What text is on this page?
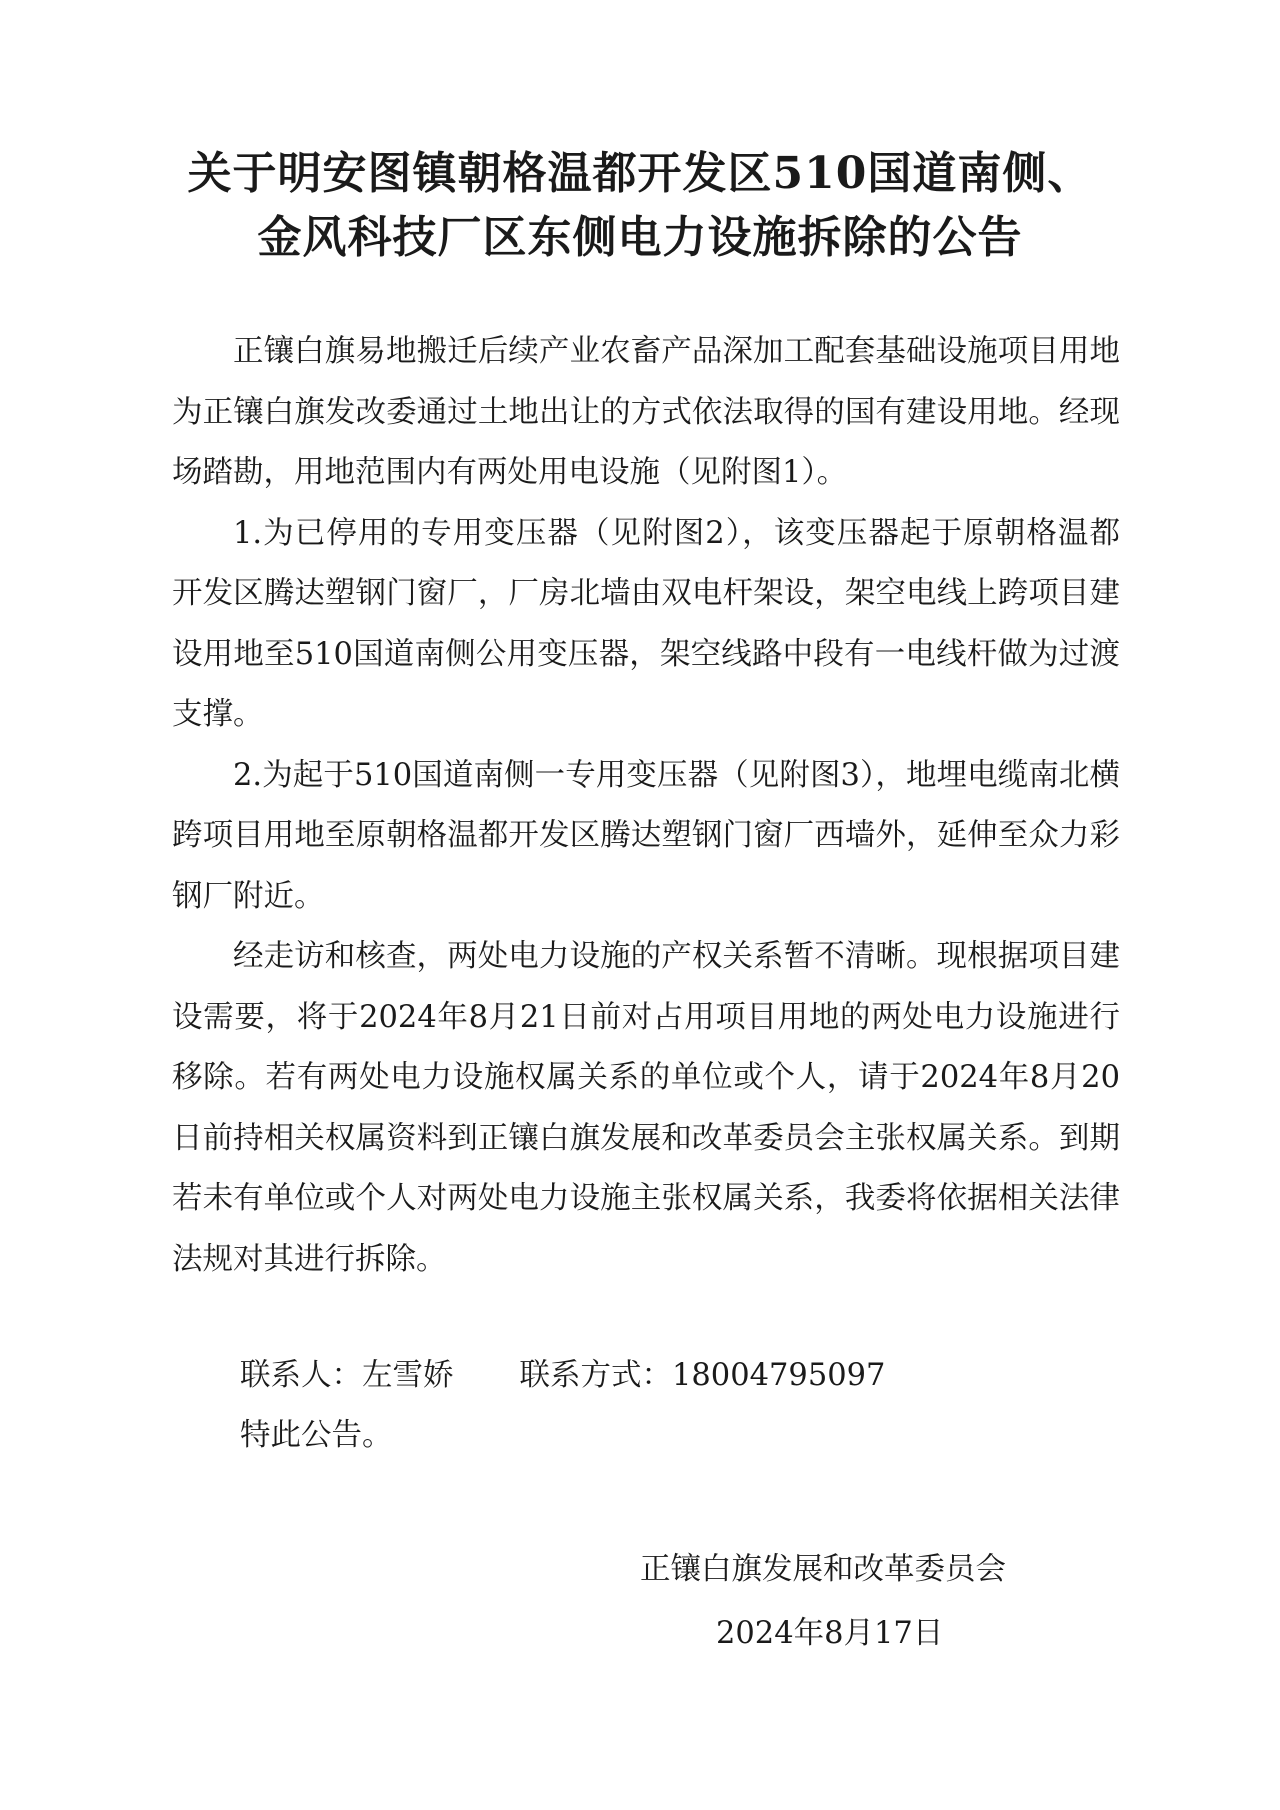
关于明安图镇朝格温都开发区510国道南侧、
金风科技厂区东侧电力设施拆除的公告

正镶白旗易地搬迁后续产业农畜产品深加工配套基础设施项目用地为正镶白旗发改委通过土地出让的方式依法取得的国有建设用地。经现场踏勘，用地范围内有两处用电设施（见附图1）。

1.为已停用的专用变压器（见附图2），该变压器起于原朝格温都开发区腾达塑钢门窗厂，厂房北墙由双电杆架设，架空电线上跨项目建设用地至510国道南侧公用变压器，架空线路中段有一电线杆做为过渡支撑。

2.为起于510国道南侧一专用变压器（见附图3），地埋电缆南北横跨项目用地至原朝格温都开发区腾达塑钢门窗厂西墙外，延伸至众力彩钢厂附近。

经走访和核查，两处电力设施的产权关系暂不清晰。现根据项目建设需要，将于2024年8月21日前对占用项目用地的两处电力设施进行移除。若有两处电力设施权属关系的单位或个人，请于2024年8月20日前持相关权属资料到正镶白旗发展和改革委员会主张权属关系。到期若未有单位或个人对两处电力设施主张权属关系，我委将依据相关法律法规对其进行拆除。

联系人：左雪娇 联系方式：18004795097
特此公告。
正镶白旗发展和改革委员会
2024年8月17日
